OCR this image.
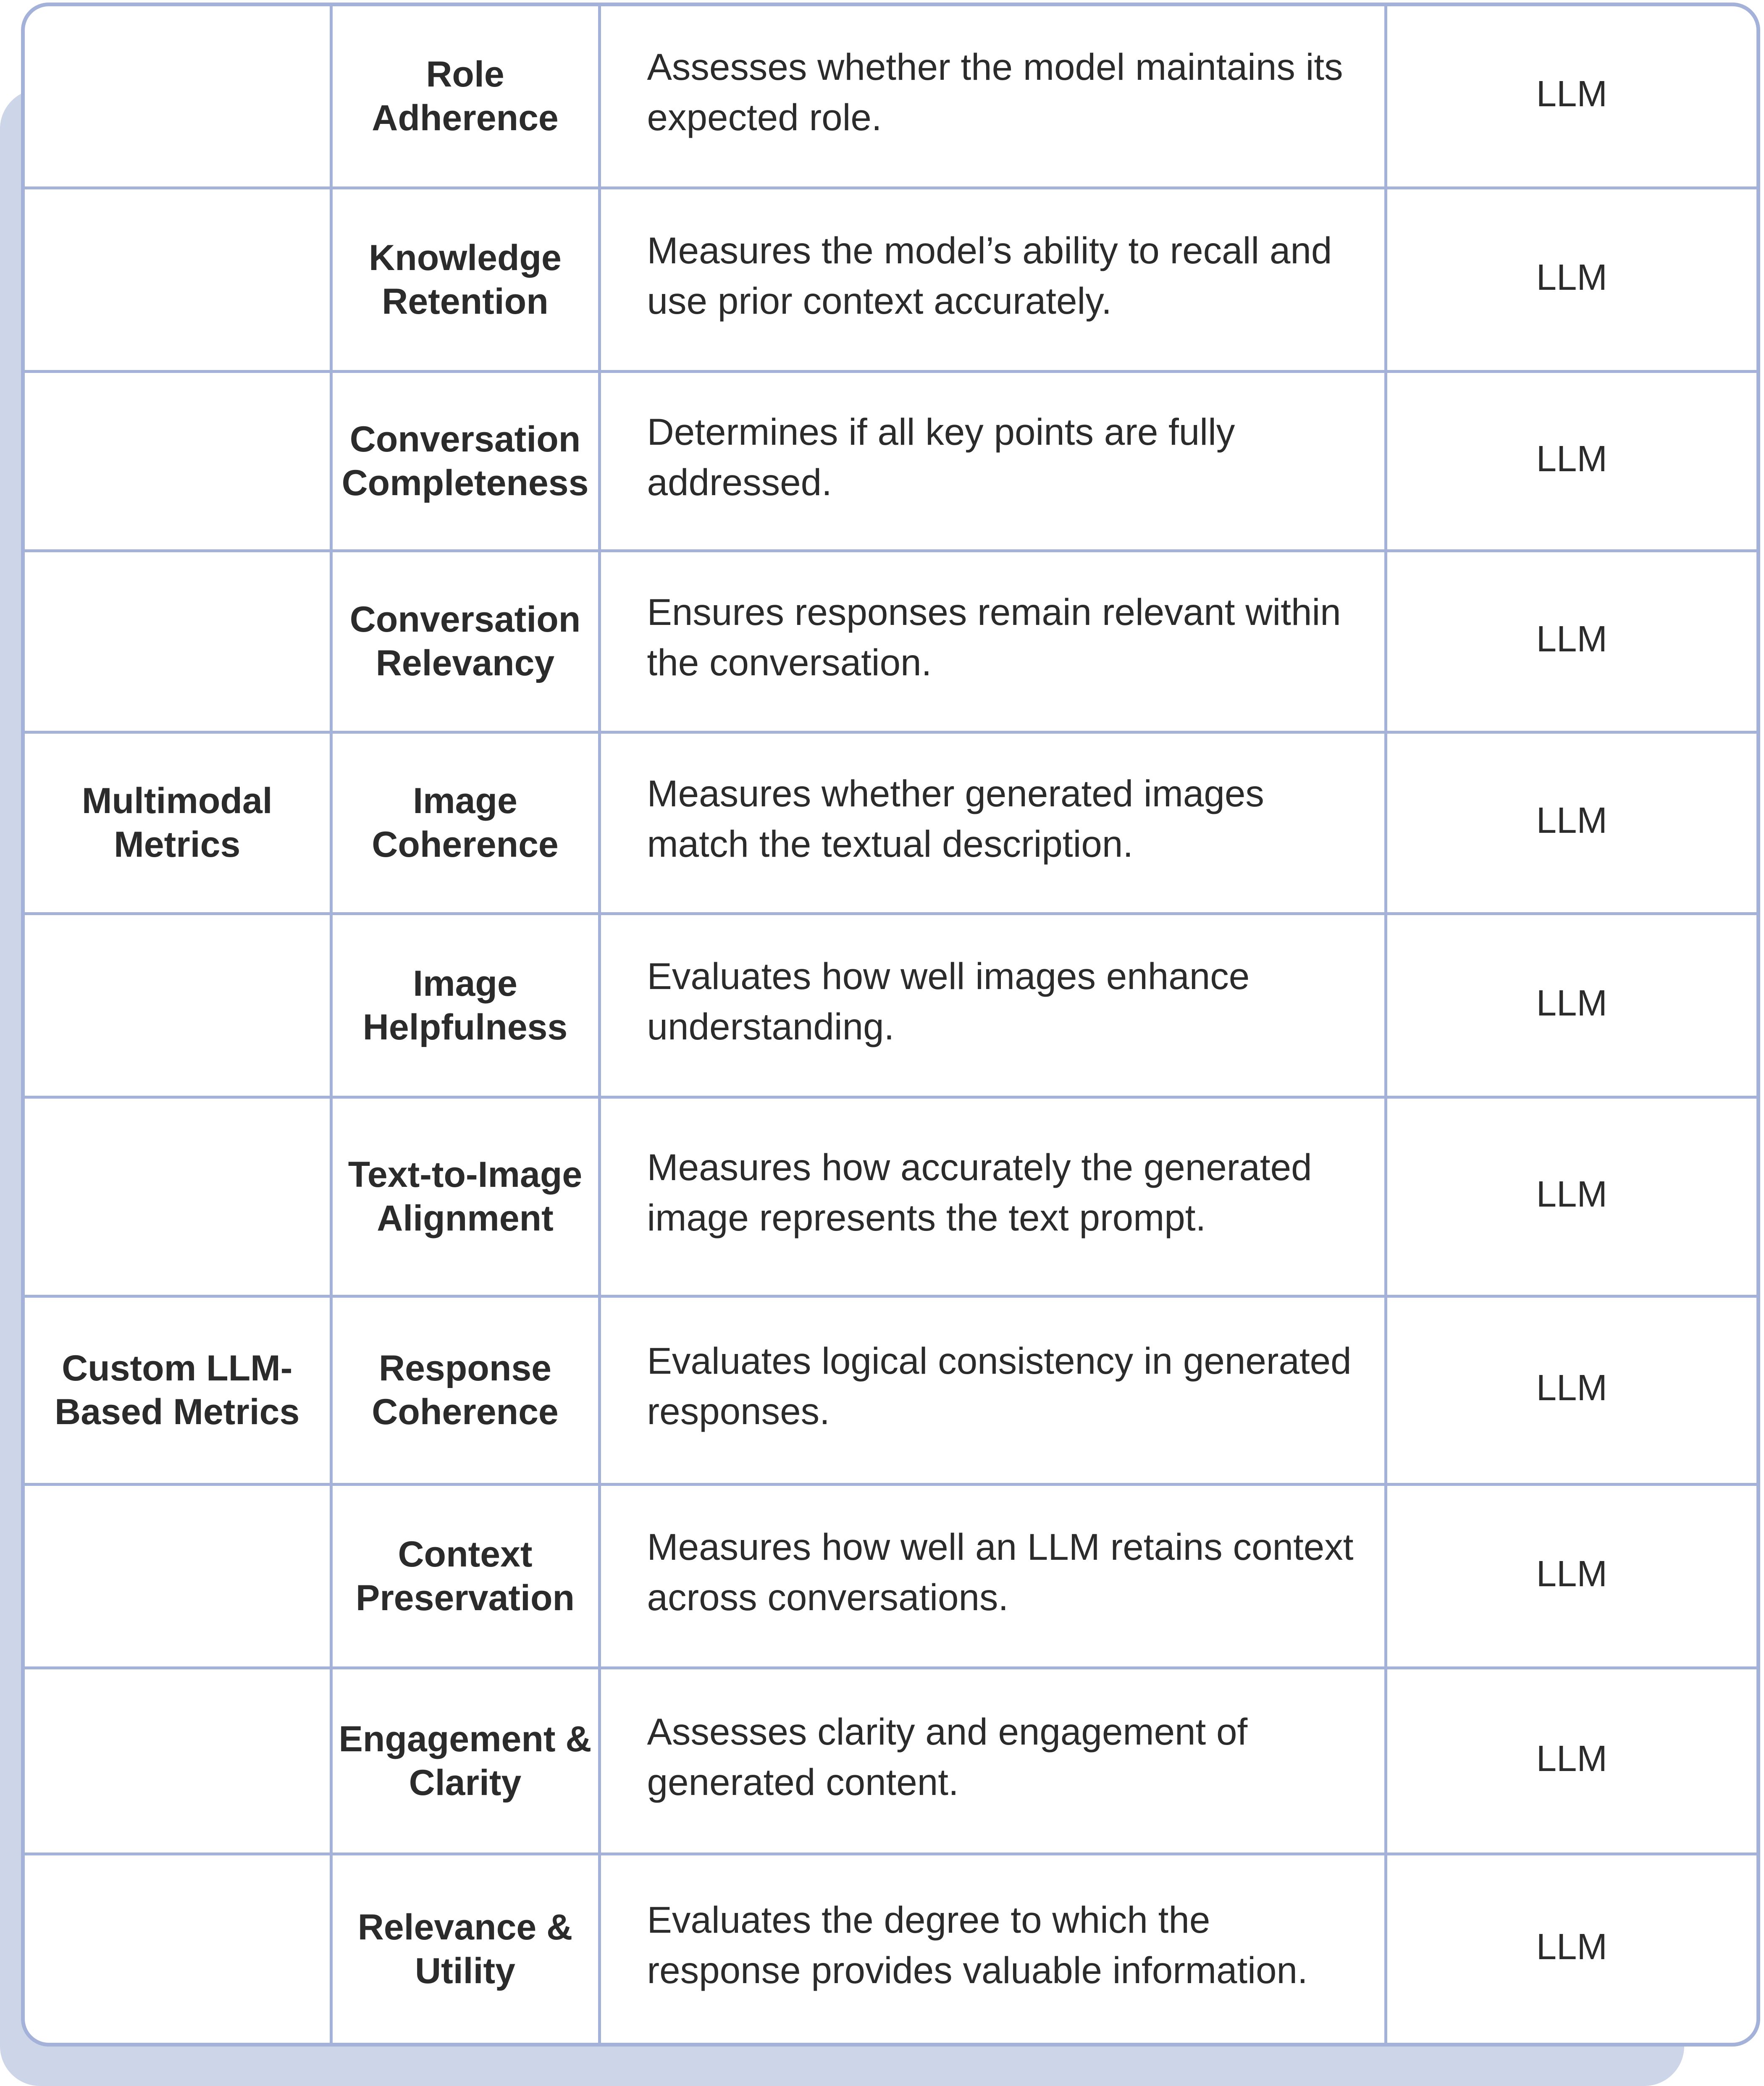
	Role Adherence	Assesses whether the model maintains its expected role.	LLM
	Knowledge Retention	Measures the model’s ability to recall and use prior context accurately.	LLM
	Conversation Completeness	Determines if all key points are fully addressed.	LLM
	Conversation Relevancy	Ensures responses remain relevant within the conversation.	LLM
Multimodal Metrics	Image Coherence	Measures whether generated images match the textual description.	LLM
	Image Helpfulness	Evaluates how well images enhance understanding.	LLM
	Text-to-Image Alignment	Measures how accurately the generated image represents the text prompt.	LLM
Custom LLM-Based Metrics	Response Coherence	Evaluates logical consistency in generated responses.	LLM
	Context Preservation	Measures how well an LLM retains context across conversations.	LLM
	Engagement & Clarity	Assesses clarity and engagement of generated content.	LLM
	Relevance & Utility	Evaluates the degree to which the response provides valuable information.	LLM
